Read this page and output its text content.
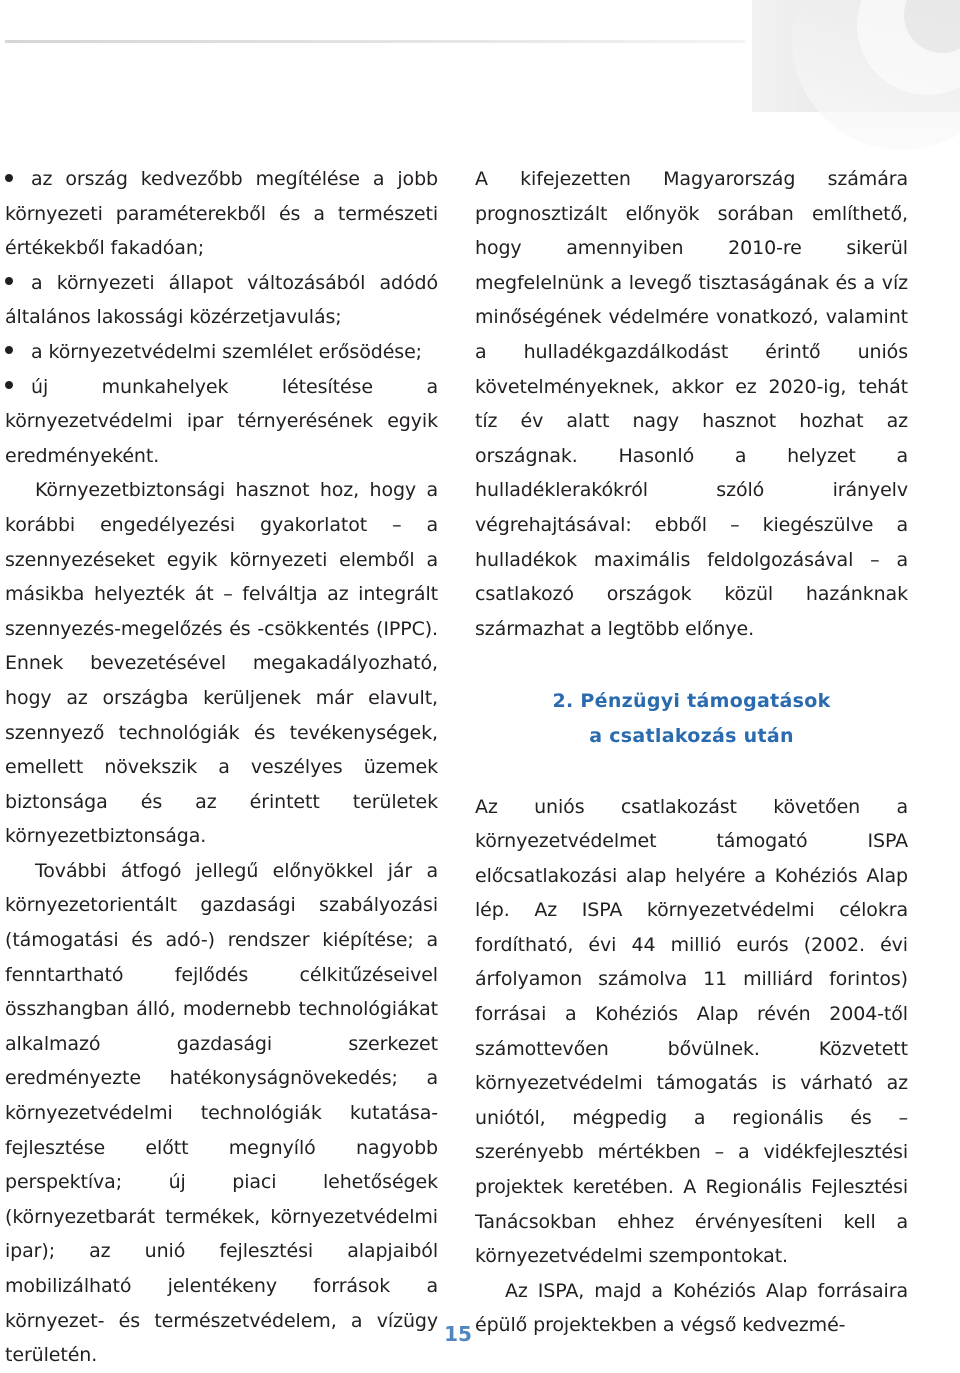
az ország kedvezőbb megítélése a jobb környezeti paraméterekből és a természeti értékekből fakadóan;
a környezeti állapot változásából adódó általános lakossági közérzetjavulás;
a környezetvédelmi szemlélet erősödése;
új munkahelyek létesítése a környezetvédelmi ipar térnyerésének egyik eredményeként.

Környezetbiztonsági hasznot hoz, hogy a korábbi engedélyezési gyakorlatot – a szennyezéseket egyik környezeti elemből a másikba helyezték át – felváltja az integrált szennyezés-megelőzés és -csökkentés (IPPC). Ennek bevezetésével megakadályozható, hogy az országba kerüljenek már elavult, szennyező technológiák és tevékenységek, emellett növekszik a veszélyes üzemek biztonsága és az érintett területek környezetbiztonsága.

További átfogó jellegű előnyökkel jár a környezetorientált gazdasági szabályozási (támogatási és adó-) rendszer kiépítése; a fenntartható fejlődés célkitűzéseivel összhangban álló, modernebb technológiákat alkalmazó gazdasági szerkezet eredményezte hatékonyságnövekedés; a környezetvédelmi technológiák kutatása-fejlesztése előtt megnyíló nagyobb perspektíva; új piaci lehetőségek (környezetbarát termékek, környezetvédelmi ipar); az unió fejlesztési alapjaiból mobilizálható jelentékeny források a környezet- és természetvédelem, a vízügy területén.

A kifejezetten Magyarország számára prognosztizált előnyök sorában említhető, hogy amennyiben 2010-re sikerül megfelelnünk a levegő tisztaságának és a víz minőségének védelmére vonatkozó, valamint a hulladékgazdálkodást érintő uniós követelményeknek, akkor ez 2020-ig, tehát tíz év alatt nagy hasznot hozhat az országnak. Hasonló a helyzet a hulladéklerakókról szóló irányelv végrehajtásával: ebből – kiegészülve a hulladékok maximális feldolgozásával – a csatlakozó országok közül hazánknak származhat a legtöbb előnye.

2. Pénzügyi támogatások
a csatlakozás után

Az uniós csatlakozást követően a környezetvédelmet támogató ISPA előcsatlakozási alap helyére a Kohéziós Alap lép. Az ISPA környezetvédelmi célokra fordítható, évi 44 millió eurós (2002. évi árfolyamon számolva 11 milliárd forintos) forrásai a Kohéziós Alap révén 2004-től számottevően bővülnek. Közvetett környezetvédelmi támogatás is várható az uniótól, mégpedig a regionális és – szerényebb mértékben – a vidékfejlesztési projektek keretében. A Regionális Fejlesztési Tanácsokban ehhez érvényesíteni kell a környezetvédelmi szempontokat.

Az ISPA, majd a Kohéziós Alap forrásaira épülő projektekben a végső kedvezmé-

15
